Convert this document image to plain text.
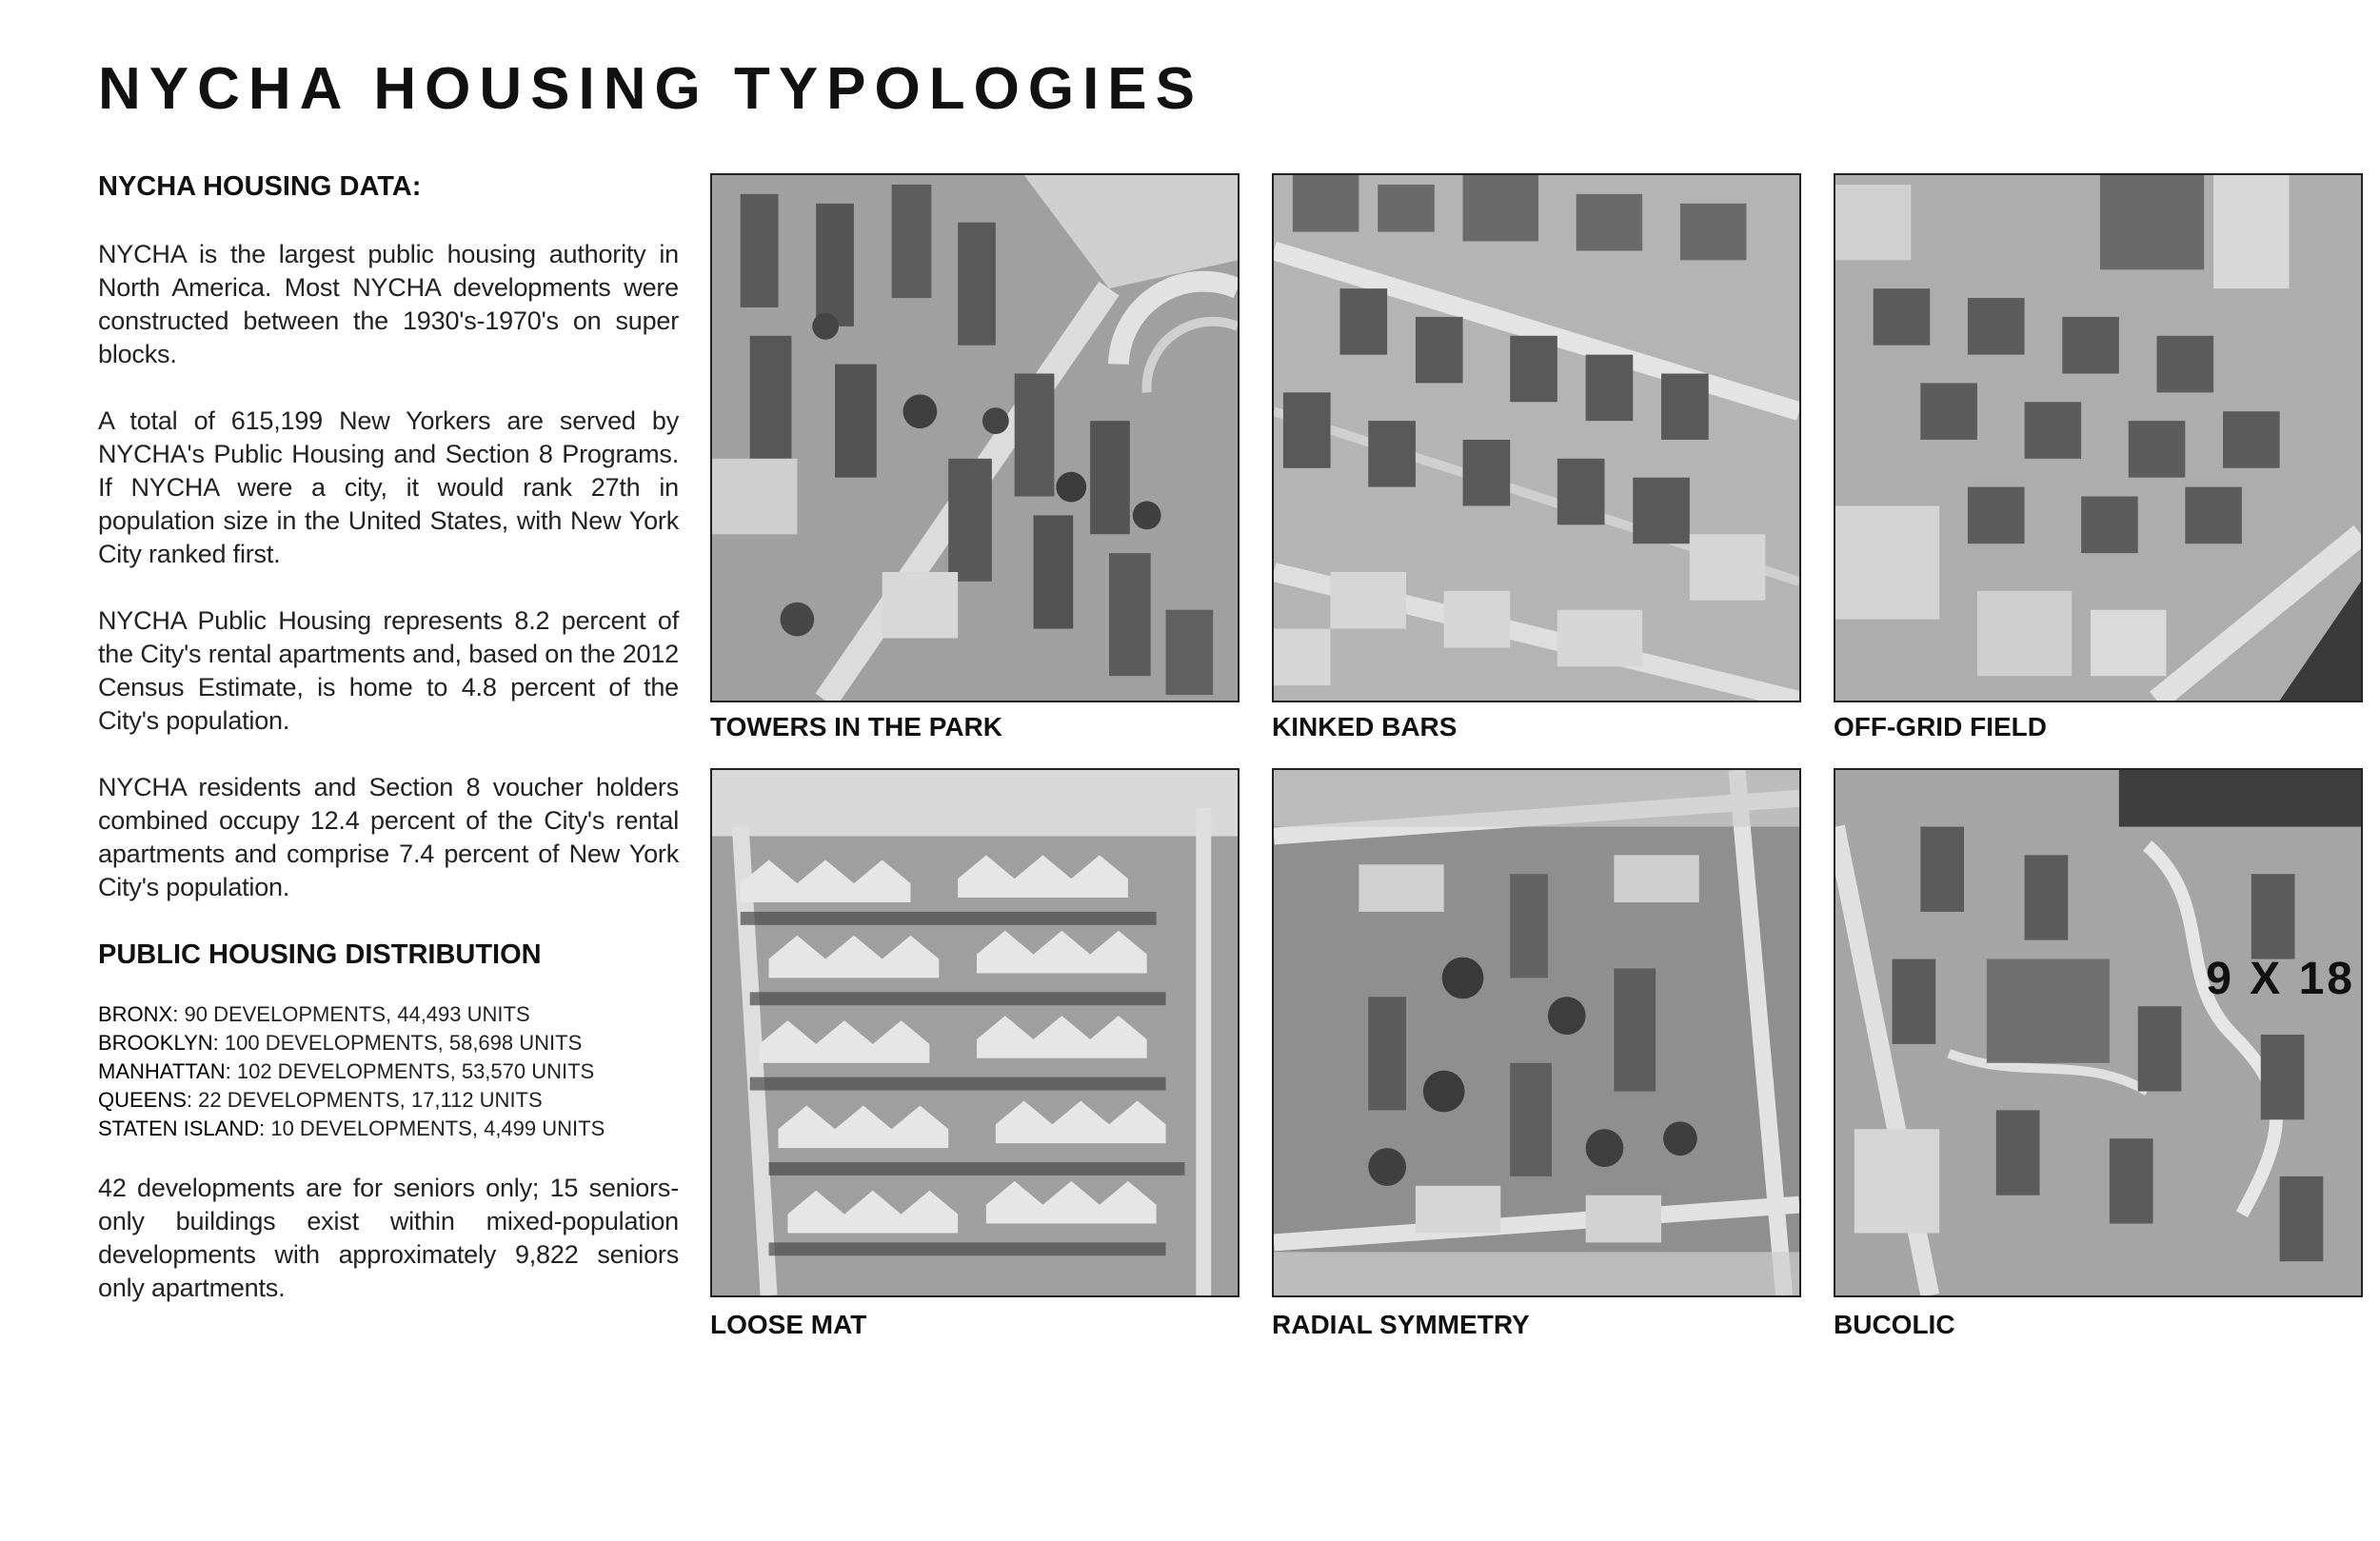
NYCHA HOUSING TYPOLOGIES

NYCHA HOUSING DATA:

NYCHA is the largest public housing authority in North America. Most NYCHA developments were constructed between the 1930's-1970's on super blocks.

A total of 615,199 New Yorkers are served by NYCHA's Public Housing and Section 8 Programs. If NYCHA were a city, it would rank 27th in population size in the United States, with New York City ranked first.

NYCHA Public Housing represents 8.2 percent of the City's rental apartments and, based on the 2012 Census Estimate, is home to 4.8 percent of the City's population.

NYCHA residents and Section 8 voucher holders combined occupy 12.4 percent of the City's rental apartments and comprise 7.4 percent of New York City's population.

PUBLIC HOUSING DISTRIBUTION

BRONX: 90 DEVELOPMENTS, 44,493 UNITS
BROOKLYN: 100 DEVELOPMENTS, 58,698 UNITS
MANHATTAN: 102 DEVELOPMENTS, 53,570 UNITS
QUEENS: 22 DEVELOPMENTS, 17,112 UNITS
STATEN ISLAND: 10 DEVELOPMENTS, 4,499 UNITS

42 developments are for seniors only; 15 seniors-only buildings exist within mixed-population developments with approximately 9,822 seniors only apartments.

TOWERS IN THE PARK	KINKED BARS	OFF-GRID FIELD
LOOSE MAT	RADIAL SYMMETRY	BUCOLIC
9 X 18
